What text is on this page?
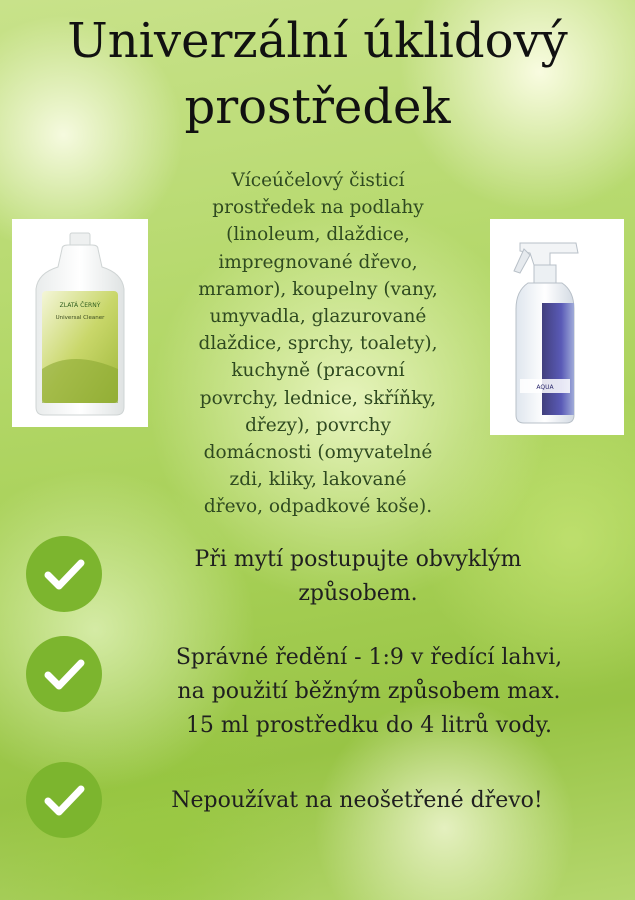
Univerzální úklidový
prostředek
ZLATÁ ČERNÝ
Universal Cleaner
AQUA
Víceúčelový čisticí
prostředek na podlahy
(linoleum, dlaždice,
impregnované dřevo,
mramor), koupelny (vany,
umyvadla, glazurované
dlaždice, sprchy, toalety),
kuchyně (pracovní
povrchy, lednice, skříňky,
dřezy), povrchy
domácnosti (omyvatelné
zdi, kliky, lakované
dřevo, odpadkové koše).
Při mytí postupujte obvyklým
způsobem.
Správné ředění - 1:9 v ředící lahvi,
na použití běžným způsobem max.
15 ml prostředku do 4 litrů vody.
Nepoužívat na neošetřené dřevo!
